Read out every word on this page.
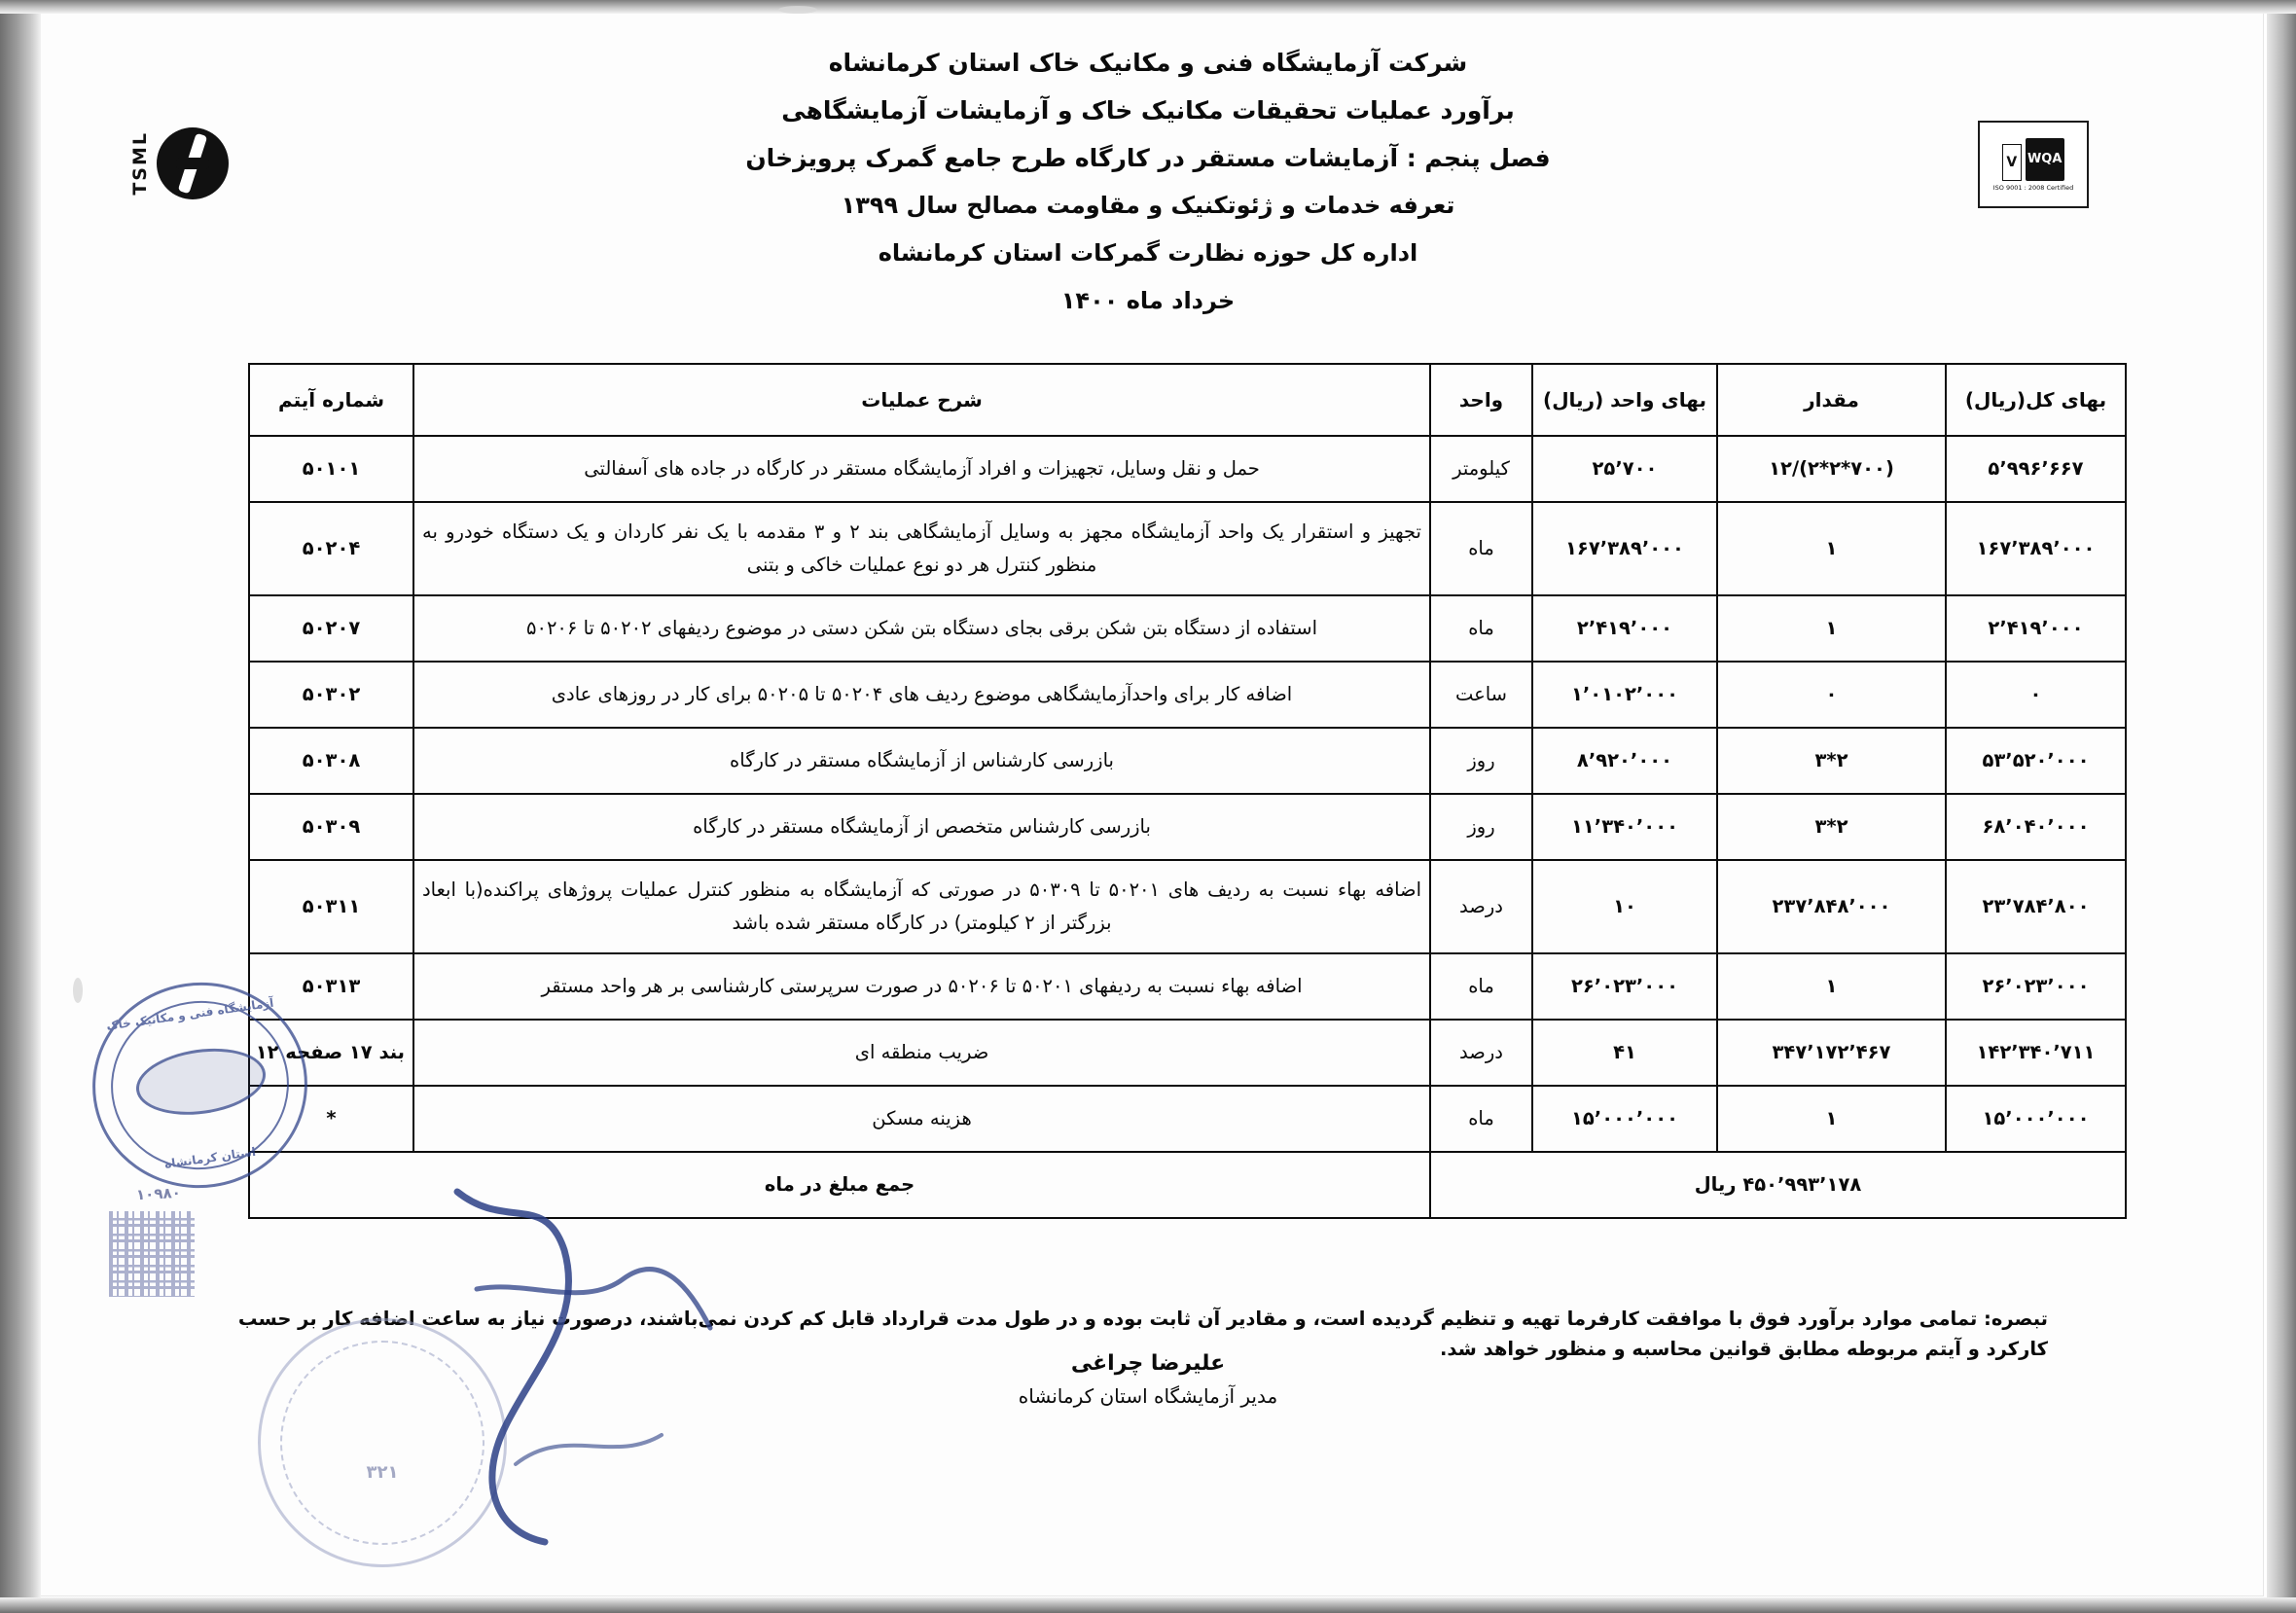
شرکت آزمایشگاه فنی و مکانیک خاک استان کرمانشاه
برآورد عملیات تحقیقات مکانیک خاک و آزمایشات آزمایشگاهی
فصل پنجم : آزمایشات مستقر در کارگاه طرح جامع گمرک پرویزخان
تعرفه خدمات و ژئوتکنیک و مقاومت مصالح سال ۱۳۹۹
اداره کل حوزه نظارت گمرکات استان کرمانشاه
خرداد ماه ۱۴۰۰
WQA
V
ISO 9001 : 2008 Certified
TSML
بهای کل(ریال)	مقدار	بهای واحد (ریال)	واحد	شرح عملیات	شماره آیتم
۵٬۹۹۶٬۶۶۷	(۷۰۰*۲*۲)/۱۲	۲۵٬۷۰۰	کیلومتر	حمل و نقل وسایل، تجهیزات و افراد آزمایشگاه مستقر در کارگاه در جاده های آسفالتی	۵۰۱۰۱
۱۶۷٬۳۸۹٬۰۰۰	۱	۱۶۷٬۳۸۹٬۰۰۰	ماه	تجهیز و استقرار یک واحد آزمایشگاه مجهز به وسایل آزمایشگاهی بند ۲ و ۳ مقدمه با یک نفر کاردان و یک دستگاه خودرو به منظور کنترل هر دو نوع عملیات خاکی و بتنی	۵۰۲۰۴
۲٬۴۱۹٬۰۰۰	۱	۲٬۴۱۹٬۰۰۰	ماه	استفاده از دستگاه بتن شکن برقی بجای دستگاه بتن شکن دستی در موضوع ردیفهای ۵۰۲۰۲ تا ۵۰۲۰۶	۵۰۲۰۷
۰	۰	۱٬۰۱۰۲٬۰۰۰	ساعت	اضافه کار برای واحدآزمایشگاهی موضوع ردیف های ۵۰۲۰۴ تا ۵۰۲۰۵ برای کار در روزهای عادی	۵۰۳۰۲
۵۳٬۵۲۰٬۰۰۰	۲*۳	۸٬۹۲۰٬۰۰۰	روز	بازرسی کارشناس از آزمایشگاه مستقر در کارگاه	۵۰۳۰۸
۶۸٬۰۴۰٬۰۰۰	۲*۳	۱۱٬۳۴۰٬۰۰۰	روز	بازرسی کارشناس متخصص از آزمایشگاه مستقر در کارگاه	۵۰۳۰۹
۲۳٬۷۸۴٬۸۰۰	۲۳۷٬۸۴۸٬۰۰۰	۱۰	درصد	اضافه بهاء نسبت به ردیف های ۵۰۲۰۱ تا ۵۰۳۰۹ در صورتی که آزمایشگاه به منظور کنترل عملیات پروژهای پراکنده(با ابعاد بزرگتر از ۲ کیلومتر) در کارگاه مستقر شده باشد	۵۰۳۱۱
۲۶٬۰۲۳٬۰۰۰	۱	۲۶٬۰۲۳٬۰۰۰	ماه	اضافه بهاء نسبت به ردیفهای ۵۰۲۰۱ تا ۵۰۲۰۶ در صورت سرپرستی کارشناسی بر هر واحد مستقر	۵۰۳۱۳
۱۴۲٬۳۴۰٬۷۱۱	۳۴۷٬۱۷۲٬۴۶۷	۴۱	درصد	ضریب منطقه ای	بند ۱۷ صفحه ۱۲
۱۵٬۰۰۰٬۰۰۰	۱	۱۵٬۰۰۰٬۰۰۰	ماه	هزینه مسکن	*
۴۵۰٬۹۹۳٬۱۷۸ ریال				جمع مبلغ در ماه	
تبصره: تمامی موارد برآورد فوق با موافقت کارفرما تهیه و تنظیم گردیده است، و مقادیر آن ثابت بوده و در طول مدت قرارداد قابل کم کردن نمی‌باشند، درصورت نیاز به ساعت اضافه کار بر حسب کارکرد و آیتم مربوطه مطابق قوانین محاسبه و منظور خواهد شد.
علیرضا چراغی
مدیر آزمایشگاه استان کرمانشاه
آزمایشگاه فنی و مکانیک خاک
استان کرمانشاه
۳۲۱
۱۰۹۸۰
